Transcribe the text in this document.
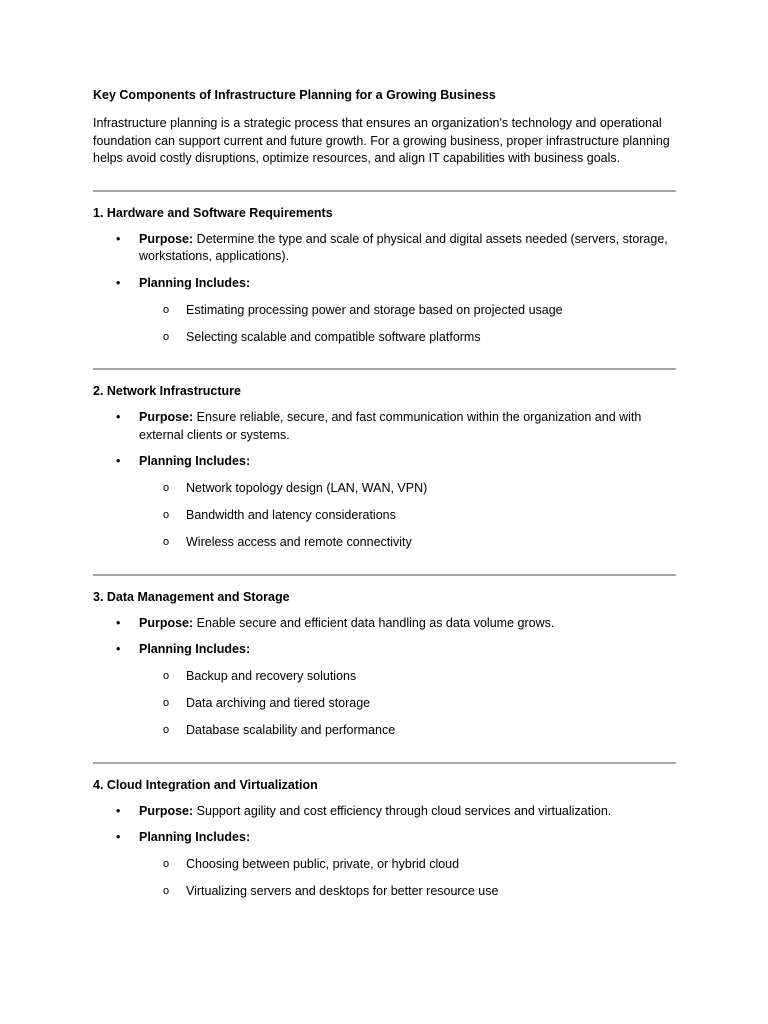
Key Components of Infrastructure Planning for a Growing Business

Infrastructure planning is a strategic process that ensures an organization's technology and operational foundation can support current and future growth. For a growing business, proper infrastructure planning helps avoid costly disruptions, optimize resources, and align IT capabilities with business goals.

1. Hardware and Software Requirements
• Purpose: Determine the type and scale of physical and digital assets needed (servers, storage, workstations, applications).
• Planning Includes:
o Estimating processing power and storage based on projected usage
o Selecting scalable and compatible software platforms
2. Network Infrastructure
• Purpose: Ensure reliable, secure, and fast communication within the organization and with external clients or systems.
• Planning Includes:
o Network topology design (LAN, WAN, VPN)
o Bandwidth and latency considerations
o Wireless access and remote connectivity
3. Data Management and Storage
• Purpose: Enable secure and efficient data handling as data volume grows.
• Planning Includes:
o Backup and recovery solutions
o Data archiving and tiered storage
o Database scalability and performance
4. Cloud Integration and Virtualization
• Purpose: Support agility and cost efficiency through cloud services and virtualization.
• Planning Includes:
o Choosing between public, private, or hybrid cloud
o Virtualizing servers and desktops for better resource use
